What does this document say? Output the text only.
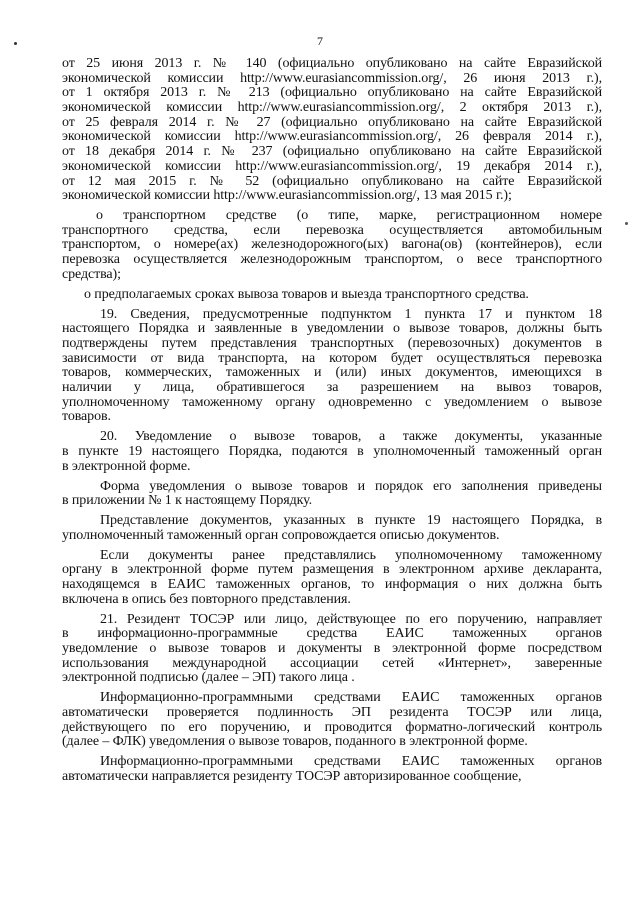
7
от 25 июня 2013 г. № 140 (официально опубликовано на сайте Евразийской
экономической комиссии http://www.eurasiancommission.org/, 26 июня 2013 г.),
от 1 октября 2013 г. № 213 (официально опубликовано на сайте Евразийской
экономической комиссии http://www.eurasiancommission.org/, 2 октября 2013 г.),
от 25 февраля 2014 г. № 27 (официально опубликовано на сайте Евразийской
экономической комиссии http://www.eurasiancommission.org/, 26 февраля 2014 г.),
от 18 декабря 2014 г. № 237 (официально опубликовано на сайте Евразийской
экономической комиссии http://www.eurasiancommission.org/, 19 декабря 2014 г.),
от 12 мая 2015 г. № 52 (официально опубликовано на сайте Евразийской
экономической комиссии http://www.eurasiancommission.org/, 13 мая 2015 г.);
о транспортном средстве (о типе, марке, регистрационном номере
транспортного средства, если перевозка осуществляется автомобильным
транспортом, о номере(ах) железнодорожного(ых) вагона(ов) (контейнеров), если
перевозка осуществляется железнодорожным транспортом, о весе транспортного
средства);
о предполагаемых сроках вывоза товаров и выезда транспортного средства.
19. Сведения, предусмотренные подпунктом 1 пункта 17 и пунктом 18
настоящего Порядка и заявленные в уведомлении о вывозе товаров, должны быть
подтверждены путем представления транспортных (перевозочных) документов в
зависимости от вида транспорта, на котором будет осуществляться перевозка
товаров, коммерческих, таможенных и (или) иных документов, имеющихся в
наличии у лица, обратившегося за разрешением на вывоз товаров,
уполномоченному таможенному органу одновременно с уведомлением о вывозе
товаров.
20. Уведомление о вывозе товаров, а также документы, указанные
в пункте 19 настоящего Порядка, подаются в уполномоченный таможенный орган
в электронной форме.
Форма уведомления о вывозе товаров и порядок его заполнения приведены
в приложении № 1 к настоящему Порядку.
Представление документов, указанных в пункте 19 настоящего Порядка, в
уполномоченный таможенный орган сопровождается описью документов.
Если документы ранее представлялись уполномоченному таможенному
органу в электронной форме путем размещения в электронном архиве декларанта,
находящемся в ЕАИС таможенных органов, то информация о них должна быть
включена в опись без повторного представления.
21. Резидент ТОСЭР или лицо, действующее по его поручению, направляет
в информационно-программные средства ЕАИС таможенных органов
уведомление о вывозе товаров и документы в электронной форме посредством
использования международной ассоциации сетей «Интернет», заверенные
электронной подписью (далее – ЭП) такого лица .
Информационно-программными средствами ЕАИС таможенных органов
автоматически проверяется подлинность ЭП резидента ТОСЭР или лица,
действующего по его поручению, и проводится форматно-логический контроль
(далее – ФЛК) уведомления о вывозе товаров, поданного в электронной форме.
Информационно-программными средствами ЕАИС таможенных органов
автоматически направляется резиденту ТОСЭР авторизированное сообщение,
